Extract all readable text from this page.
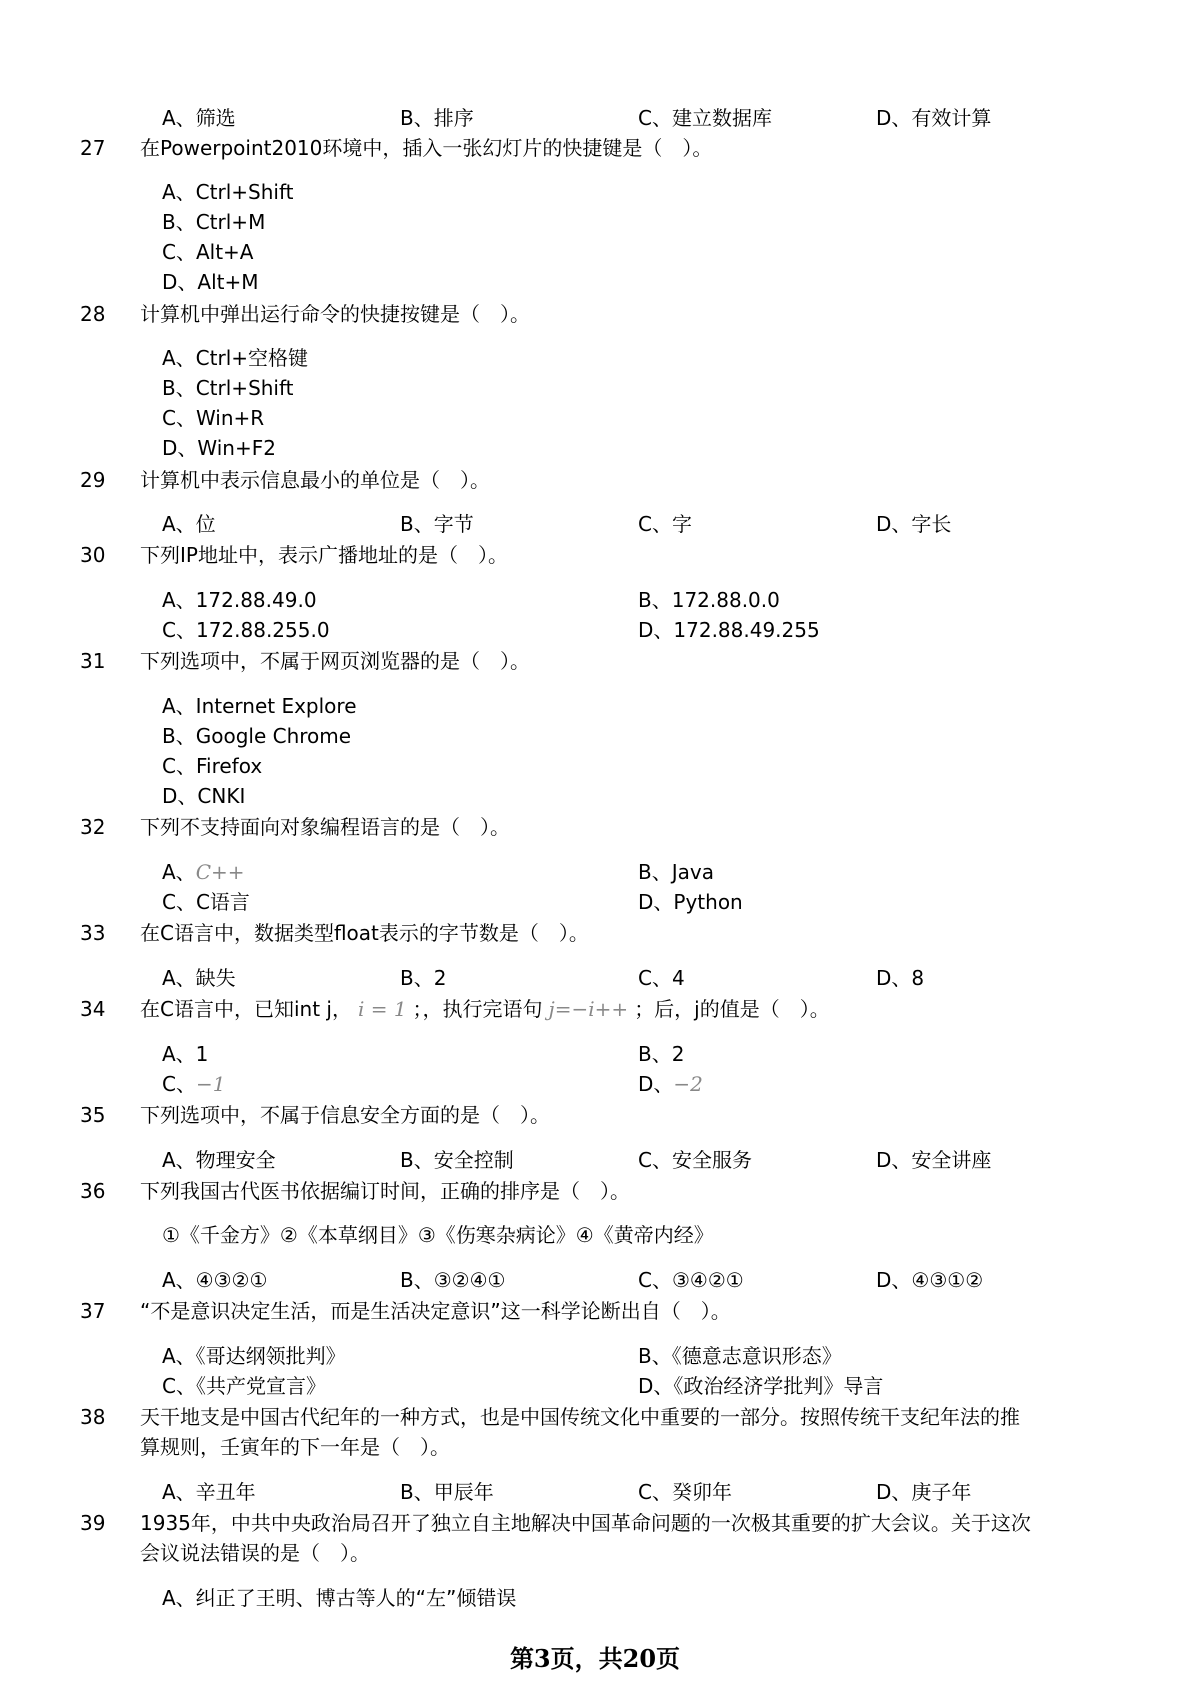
A、筛选	B、排序	C、建立数据库	D、有效计算
27	在Powerpoint2010环境中，插入一张幻灯片的快捷键是（　）。
A、Ctrl+Shift
B、Ctrl+M
C、Alt+A
D、Alt+M
28	计算机中弹出运行命令的快捷按键是（　）。
A、Ctrl+空格键
B、Ctrl+Shift
C、Win+R
D、Win+F2
29	计算机中表示信息最小的单位是（　）。
A、位	B、字节	C、字	D、字长
30	下列IP地址中，表示广播地址的是（　）。
A、172.88.49.0	B、172.88.0.0
C、172.88.255.0	D、172.88.49.255
31	下列选项中，不属于网页浏览器的是（　）。
A、Internet Explore
B、Google Chrome
C、Firefox
D、CNKI
32	下列不支持面向对象编程语言的是（　）。
A、C++	B、Java
C、C语言	D、Python
33	在C语言中，数据类型float表示的字节数是（　）。
A、缺失	B、2	C、4	D、8
34	在C语言中，已知int j， i = 1 ；，执行完语句 j=−i++ ；后，j的值是（　）。
A、1	B、2
C、−1	D、−2
35	下列选项中，不属于信息安全方面的是（　）。
A、物理安全	B、安全控制	C、安全服务	D、安全讲座
36	下列我国古代医书依据编订时间，正确的排序是（　）。
①《千金方》②《本草纲目》③《伤寒杂病论》④《黄帝内经》
A、④③②①	B、③②④①	C、③④②①	D、④③①②
37	“不是意识决定生活，而是生活决定意识”这一科学论断出自（　）。
A、《哥达纲领批判》	B、《德意志意识形态》
C、《共产党宣言》	D、《政治经济学批判》导言
38	天干地支是中国古代纪年的一种方式，也是中国传统文化中重要的一部分。按照传统干支纪年法的推
算规则，壬寅年的下一年是（　）。
A、辛丑年	B、甲辰年	C、癸卯年	D、庚子年
39	1935年，中共中央政治局召开了独立自主地解决中国革命问题的一次极其重要的扩大会议。关于这次
会议说法错误的是（　）。
A、纠正了王明、博古等人的“左”倾错误
第3页，共20页
